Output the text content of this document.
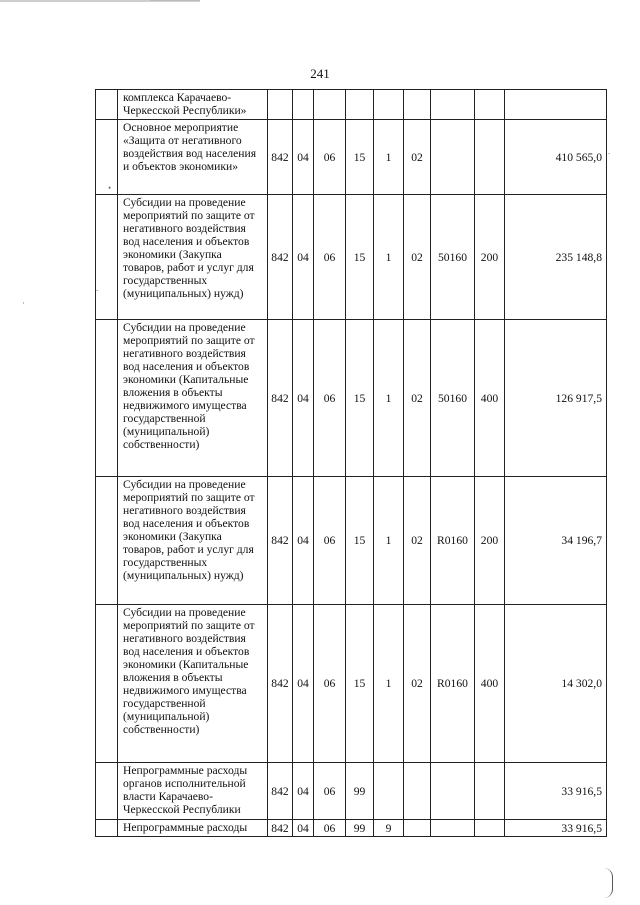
241
	комплекса Карачаево-Черкесской Республики»									
	Основное мероприятие «Защита от негативного воздействия вод населения и объектов экономики»	842	04	06	15	1	02			410 565,0
	Субсидии на проведение мероприятий по защите от негативного воздействия вод населения и объектов экономики (Закупка товаров, работ и услуг для государственных (муниципальных) нужд)	842	04	06	15	1	02	50160	200	235 148,8
	Субсидии на проведение мероприятий по защите от негативного воздействия вод населения и объектов экономики (Капитальные вложения в объекты недвижимого имущества государственной (муниципальной) собственности)	842	04	06	15	1	02	50160	400	126 917,5
	Субсидии на проведение мероприятий по защите от негативного воздействия вод населения и объектов экономики (Закупка товаров, работ и услуг для государственных (муниципальных) нужд)	842	04	06	15	1	02	R0160	200	34 196,7
	Субсидии на проведение мероприятий по защите от негативного воздействия вод населения и объектов экономики (Капитальные вложения в объекты недвижимого имущества государственной (муниципальной) собственности)	842	04	06	15	1	02	R0160	400	14 302,0
	Непрограммные расходы органов исполнительной власти Карачаево-Черкесской Республики	842	04	06	99					33 916,5
	Непрограммные расходы	842	04	06	99	9				33 916,5
•
.
·
.
